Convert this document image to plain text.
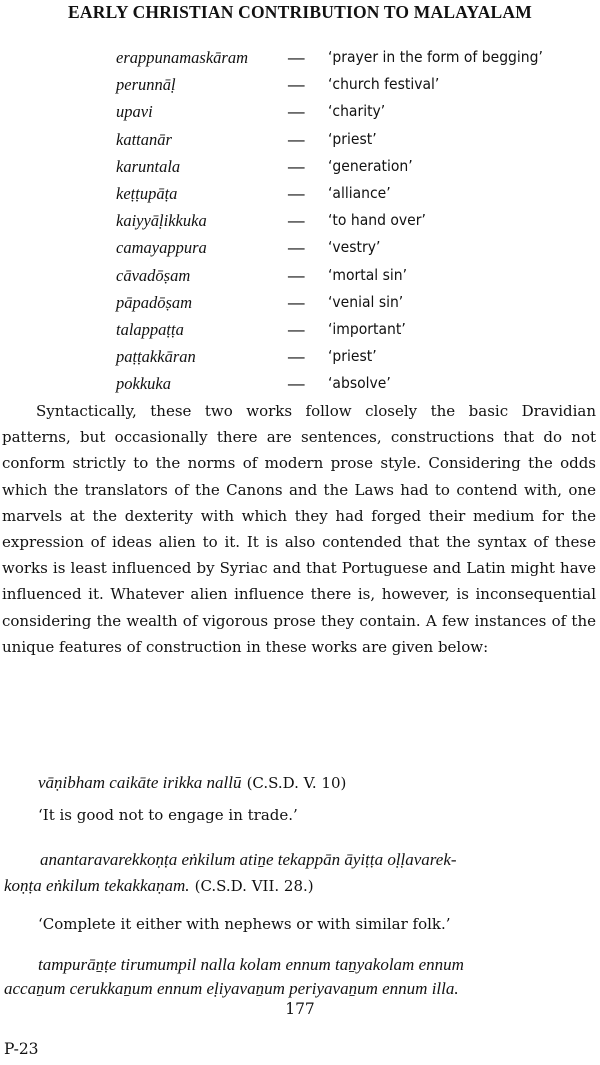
EARLY CHRISTIAN CONTRIBUTION TO MALAYALAM
erappunamaskāram — ‘prayer in the form of begging’
perunnāḷ	— ‘church festival’
upavi	— ‘charity’
kattanār	— ‘priest’
karuntala	— ‘generation’
keṭṭupāṭa	— ‘alliance’
kaiyyāḷikkuka	— ‘to hand over’
camayappura	— ‘vestry’
cāvadōṣam	— ‘mortal sin’
pāpadōṣam	— ‘venial sin’
talappaṭṭa	— ‘important’
paṭṭakkāran	— ‘priest’
pokkuka	— ‘absolve’

Syntactically, these two works follow closely the basic Dravidian patterns, but occasionally there are sentences, constructions that do not conform strictly to the norms of modern prose style. Considering the odds which the translators of the Canons and the Laws had to contend with, one marvels at the dexterity with which they had forged their medium for the expression of ideas alien to it. It is also contended that the syntax of these works is least influenced by Syriac and that Portuguese and Latin might have influenced it. Whatever alien influence there is, however, is inconsequential considering the wealth of vigorous prose they contain. A few instances of the unique features of construction in these works are given below:

vāṇibham caikāte irikka nallū (C.S.D. V. 10)
‘It is good not to engage in trade.’
anantaravarekkoṇṭa eṅkilum atiṉe tekappān āyiṭṭa oḷḷavarek-
koṇṭa eṅkilum tekakkaṇam. (C.S.D. VII. 28.)
‘Complete it either with nephews or with similar folk.’
tampurāṉṭe tirumumpil nalla kolam ennum taṉyakolam ennum
accaṉum cerukkaṉum ennum eḷiyavaṉum periyavaṉum ennum illa.
177
P-23
